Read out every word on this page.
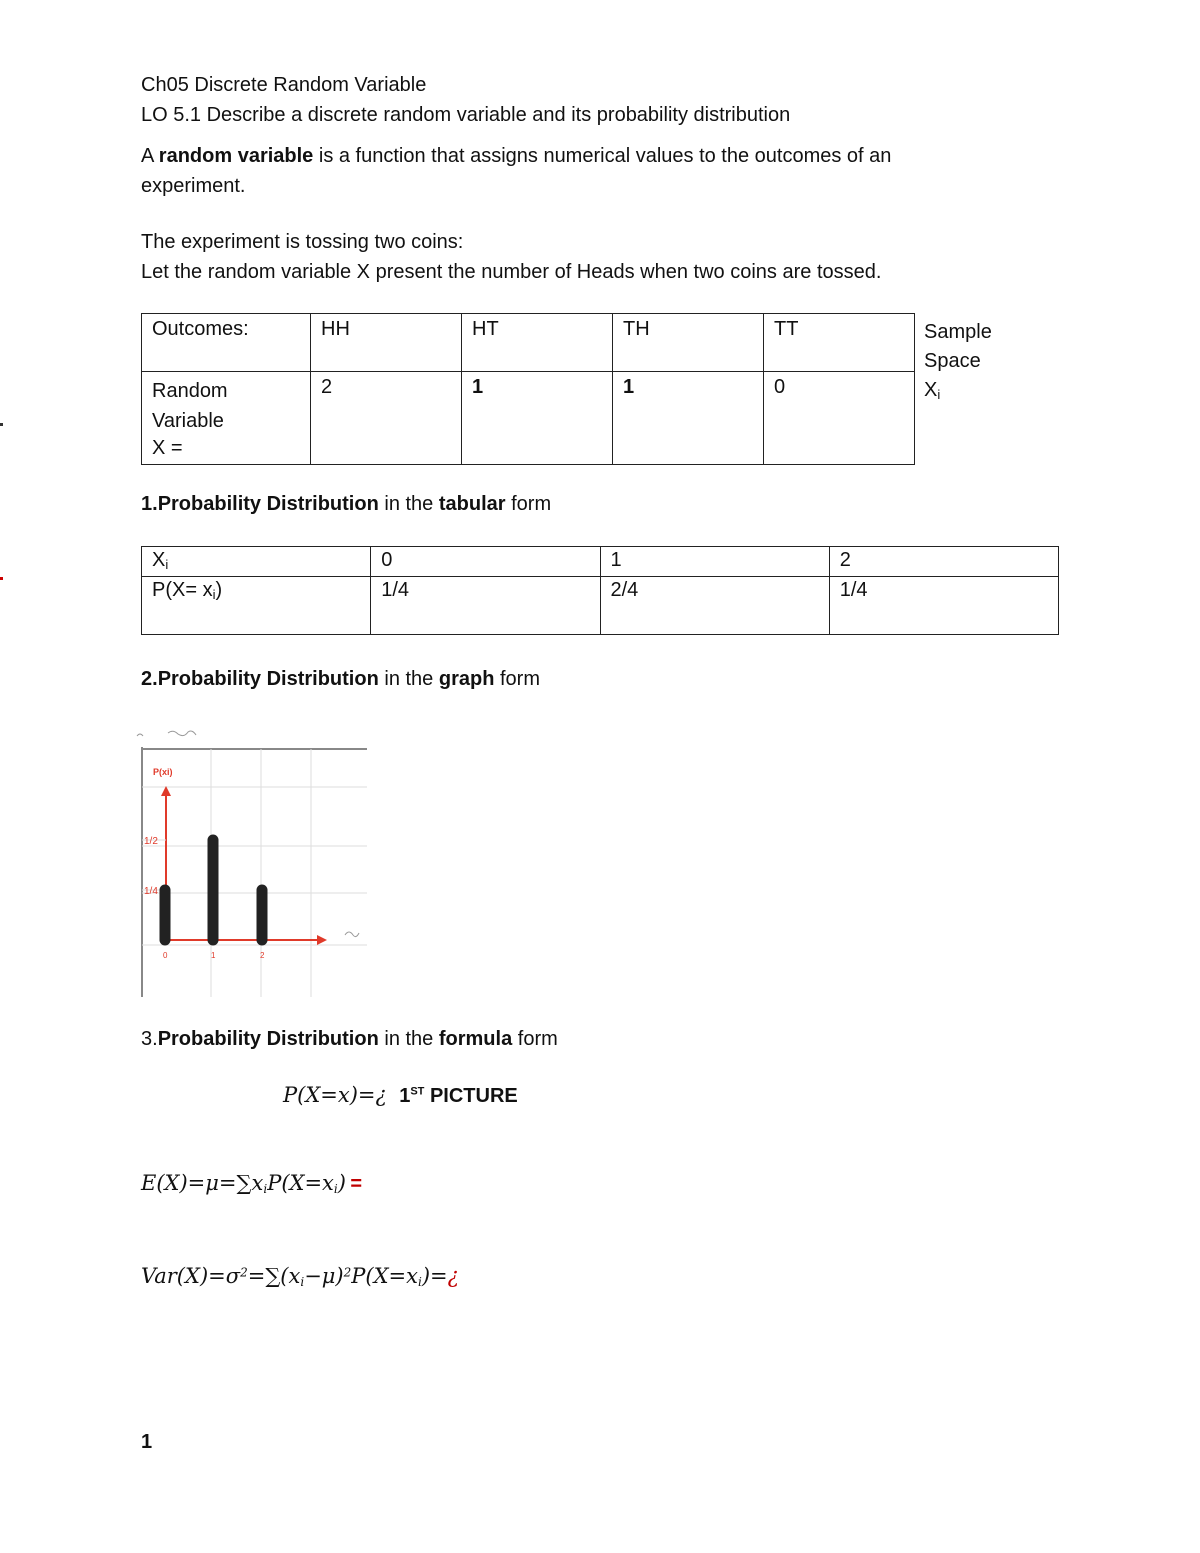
Ch05 Discrete Random Variable
LO 5.1 Describe a discrete random variable and its probability distribution
A random variable is a function that assigns numerical values to the outcomes of an
experiment.
The experiment is tossing two coins:
Let the random variable X present the number of Heads when two coins are tossed.
Outcomes:	HH	HT	TH	TT

Random
Variable
X =	2	1	1	0
Sample
Space
$X_i$
1.Probability Distribution in the tabular form
$X_i$	0	1	2
$P(X= x_i)$	1/4	2/4	1/4
2.Probability Distribution in the graph form
P(xi)
1/2
1/4
0	1	2
3.Probability Distribution in the formula form
P(X=x)=¿ 1ST PICTURE
$E(X)=\mu=\sum x_iP(X=x_i)$ =
$Var(X)=\sigma^2=\sum(x_i-\mu)^2P(X=x_i)=¿$
1
